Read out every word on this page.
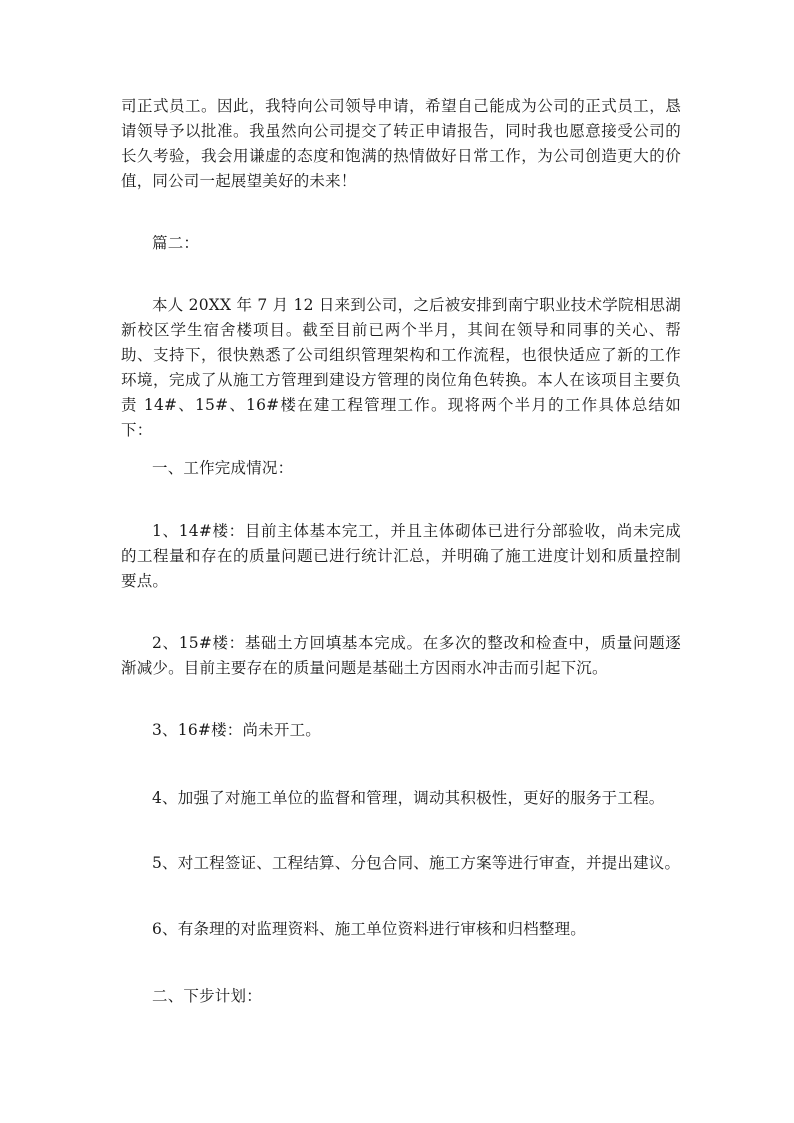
司正式员工。因此，我特向公司领导申请，希望自己能成为公司的正式员工，恳请领导予以批准。我虽然向公司提交了转正申请报告，同时我也愿意接受公司的长久考验，我会用谦虚的态度和饱满的热情做好日常工作，为公司创造更大的价值，同公司一起展望美好的未来！

篇二：

本人 20XX 年 7 月 12 日来到公司，之后被安排到南宁职业技术学院相思湖新校区学生宿舍楼项目。截至目前已两个半月，其间在领导和同事的关心、帮助、支持下，很快熟悉了公司组织管理架构和工作流程，也很快适应了新的工作环境，完成了从施工方管理到建设方管理的岗位角色转换。本人在该项目主要负责 14#、15#、16#楼在建工程管理工作。现将两个半月的工作具体总结如下：

一、工作完成情况：

1、14#楼：目前主体基本完工，并且主体砌体已进行分部验收，尚未完成的工程量和存在的质量问题已进行统计汇总，并明确了施工进度计划和质量控制要点。

2、15#楼：基础土方回填基本完成。在多次的整改和检查中，质量问题逐渐减少。目前主要存在的质量问题是基础土方因雨水冲击而引起下沉。

3、16#楼：尚未开工。

4、加强了对施工单位的监督和管理，调动其积极性，更好的服务于工程。

5、对工程签证、工程结算、分包合同、施工方案等进行审查，并提出建议。

6、有条理的对监理资料、施工单位资料进行审核和归档整理。

二、下步计划：
